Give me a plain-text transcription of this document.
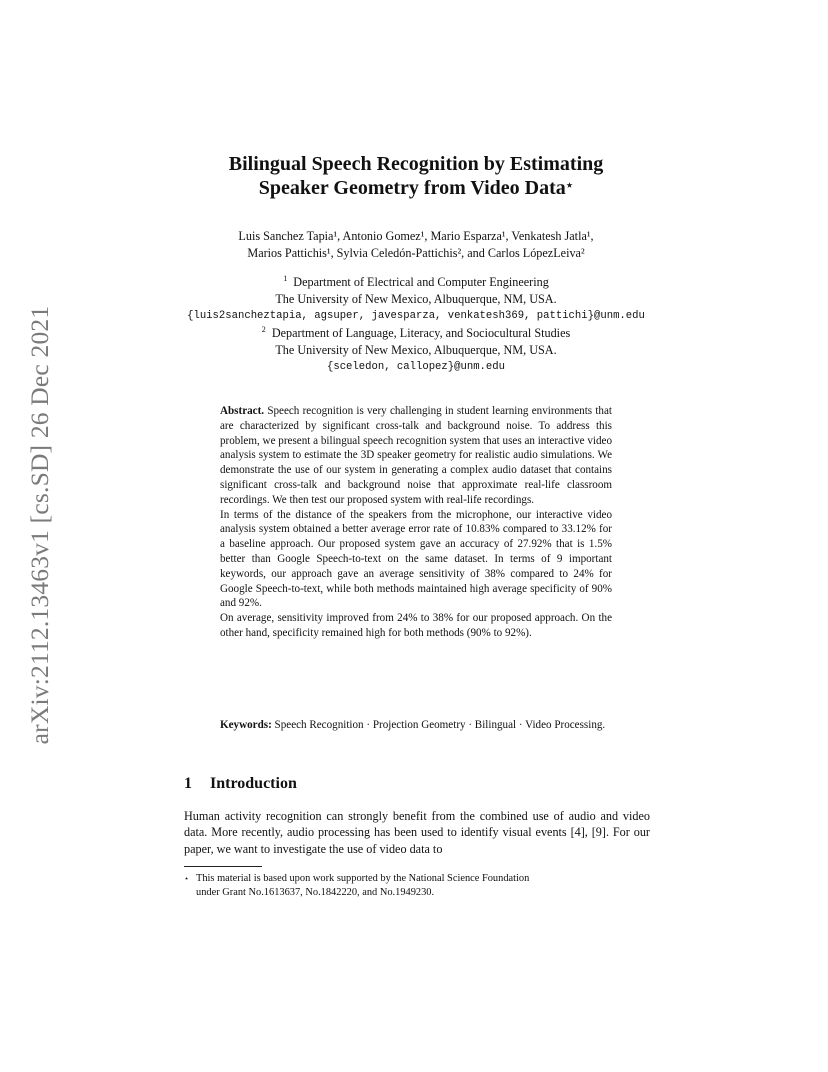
arXiv:2112.13463v1 [cs.SD] 26 Dec 2021
Bilingual Speech Recognition by Estimating
Speaker Geometry from Video Data⋆
Luis Sanchez Tapia¹, Antonio Gomez¹, Mario Esparza¹, Venkatesh Jatla¹,
Marios Pattichis¹, Sylvia Celedón-Pattichis², and Carlos LópezLeiva²
$^1$ Department of Electrical and Computer Engineering
The University of New Mexico, Albuquerque, NM, USA.
{luis2sancheztapia, agsuper, javesparza, venkatesh369, pattichi}@unm.edu
$^2$ Department of Language, Literacy, and Sociocultural Studies
The University of New Mexico, Albuquerque, NM, USA.
{sceledon, callopez}@unm.edu

Abstract. Speech recognition is very challenging in student learning environments that are characterized by significant cross-talk and background noise. To address this problem, we present a bilingual speech recognition system that uses an interactive video analysis system to estimate the 3D speaker geometry for realistic audio simulations. We demonstrate the use of our system in generating a complex audio dataset that contains significant cross-talk and background noise that approximate real-life classroom recordings. We then test our proposed system with real-life recordings.

In terms of the distance of the speakers from the microphone, our interactive video analysis system obtained a better average error rate of 10.83% compared to 33.12% for a baseline approach. Our proposed system gave an accuracy of 27.92% that is 1.5% better than Google Speech-to-text on the same dataset. In terms of 9 important keywords, our approach gave an average sensitivity of 38% compared to 24% for Google Speech-to-text, while both methods maintained high average specificity of 90% and 92%.

On average, sensitivity improved from 24% to 38% for our proposed approach. On the other hand, specificity remained high for both methods (90% to 92%).

Keywords: Speech Recognition · Projection Geometry · Bilingual · Video Processing.
1 Introduction

Human activity recognition can strongly benefit from the combined use of audio and video data. More recently, audio processing has been used to identify visual events [4], [9]. For our paper, we want to investigate the use of video data to

⋆ This material is based upon work supported by the National Science Foundation
under Grant No.1613637, No.1842220, and No.1949230.
